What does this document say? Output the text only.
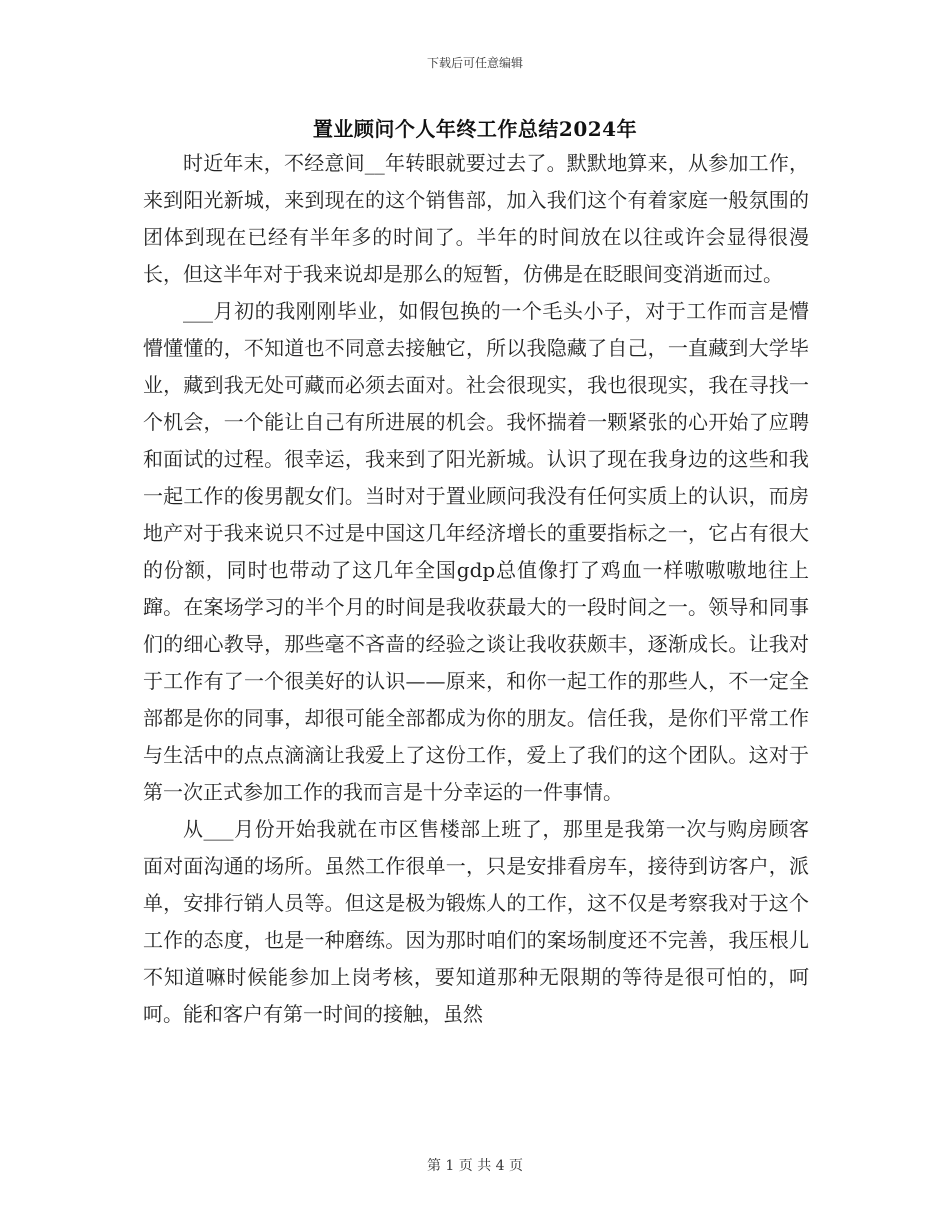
下载后可任意编辑
置业顾问个人年终工作总结2024年

时近年末，不经意间__年转眼就要过去了。默默地算来，从参加工作，来到阳光新城，来到现在的这个销售部，加入我们这个有着家庭一般氛围的团体到现在已经有半年多的时间了。半年的时间放在以往或许会显得很漫长，但这半年对于我来说却是那么的短暂，仿佛是在眨眼间变消逝而过。

___月初的我刚刚毕业，如假包换的一个毛头小子，对于工作而言是懵懵懂懂的，不知道也不同意去接触它，所以我隐藏了自己，一直藏到大学毕业，藏到我无处可藏而必须去面对。社会很现实，我也很现实，我在寻找一个机会，一个能让自己有所进展的机会。我怀揣着一颗紧张的心开始了应聘和面试的过程。很幸运，我来到了阳光新城。认识了现在我身边的这些和我一起工作的俊男靓女们。当时对于置业顾问我没有任何实质上的认识，而房地产对于我来说只不过是中国这几年经济增长的重要指标之一，它占有很大的份额，同时也带动了这几年全国gdp总值像打了鸡血一样嗷嗷嗷地往上蹿。在案场学习的半个月的时间是我收获最大的一段时间之一。领导和同事们的细心教导，那些毫不吝啬的经验之谈让我收获颇丰，逐渐成长。让我对于工作有了一个很美好的认识——原来，和你一起工作的那些人，不一定全部都是你的同事，却很可能全部都成为你的朋友。信任我，是你们平常工作与生活中的点点滴滴让我爱上了这份工作，爱上了我们的这个团队。这对于第一次正式参加工作的我而言是十分幸运的一件事情。

从___月份开始我就在市区售楼部上班了，那里是我第一次与购房顾客面对面沟通的场所。虽然工作很单一，只是安排看房车，接待到访客户，派单，安排行销人员等。但这是极为锻炼人的工作，这不仅是考察我对于这个工作的态度，也是一种磨练。因为那时咱们的案场制度还不完善，我压根儿不知道嘛时候能参加上岗考核，要知道那种无限期的等待是很可怕的，呵呵。能和客户有第一时间的接触，虽然

第 1 页 共 4 页
